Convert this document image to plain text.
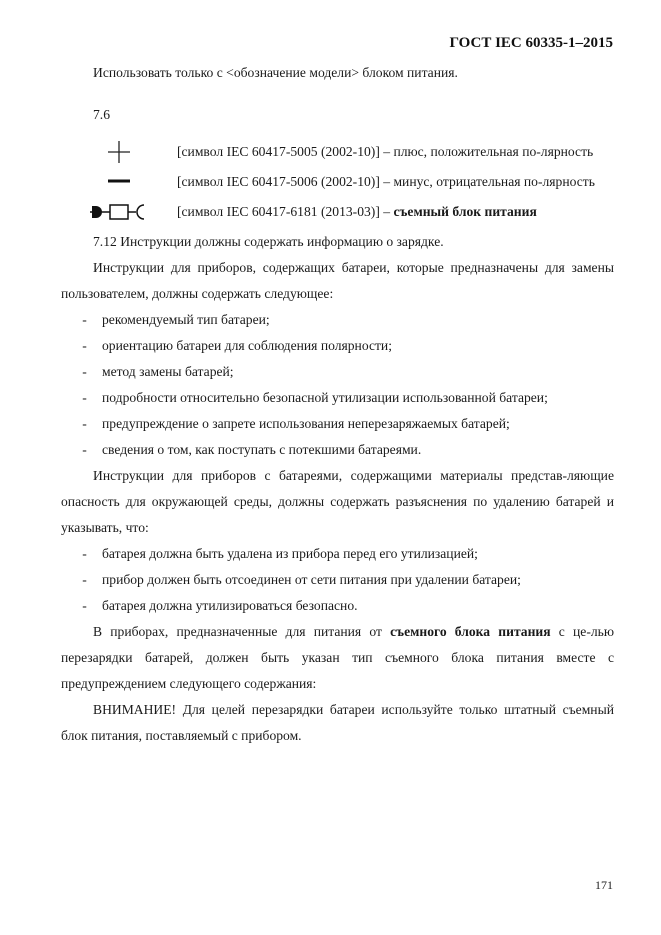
ГОСТ IEC 60335-1–2015

Использовать только с <обозначение модели> блоком питания.

7.6

[символ IEC 60417-5005 (2002-10)] – плюс, положительная по-лярность
[символ IEC 60417-5006 (2002-10)] – минус, отрицательная по-лярность
[символ IEC 60417-6181 (2013-03)] – съемный блок питания

7.12 Инструкции должны содержать информацию о зарядке.

Инструкции для приборов, содержащих батареи, которые предназначены для замены пользователем, должны содержать следующее:

-	рекомендуемый тип батареи;
-	ориентацию батареи для соблюдения полярности;
-	метод замены батарей;
-	подробности относительно безопасной утилизации использованной батареи;
-	предупреждение о запрете использования неперезаряжаемых батарей;
-	сведения о том, как поступать с потекшими батареями.

Инструкции для приборов с батареями, содержащими материалы представ-ляющие опасность для окружающей среды, должны содержать разъяснения по удалению батарей и указывать, что:

-	батарея должна быть удалена из прибора перед его утилизацией;
-	прибор должен быть отсоединен от сети питания при удалении батареи;
-	батарея должна утилизироваться безопасно.

В приборах, предназначенные для питания от съемного блока питания с це-лью перезарядки батарей, должен быть указан тип съемного блока питания вместе с предупреждением следующего содержания:

ВНИМАНИЕ! Для целей перезарядки батареи используйте только штатный съемный блок питания, поставляемый с прибором.

171
